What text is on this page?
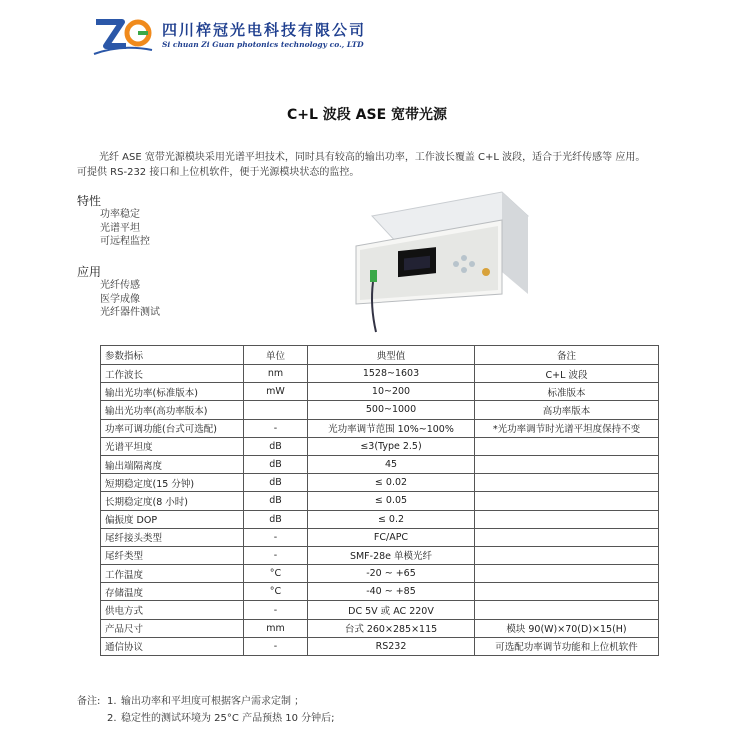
四川梓冠光电科技有限公司
Si chuan Zi Guan photonics technology co., LTD
C+L 波段 ASE 宽带光源
光纤 ASE 宽带光源模块采用光谱平坦技术，同时具有较高的输出功率，工作波长覆盖 C+L 波段，适合于光纤传感等 应用。
可提供 RS-232 接口和上位机软件，便于光源模块状态的监控。
特性
功率稳定
光谱平坦
可远程监控
应用
光纤传感
医学成像
光纤器件测试
参数指标	单位	典型值	备注
工作波长	nm	1528~1603	C+L 波段
输出光功率(标准版本)	mW	10~200	标准版本
输出光功率(高功率版本)		500~1000	高功率版本
功率可调功能(台式可选配)	-	光功率调节范围 10%~100%	*光功率调节时光谱平坦度保持不变
光谱平坦度	dB	≤3(Type 2.5)	
输出端隔离度	dB	45	
短期稳定度(15 分钟)	dB	≤ 0.02	
长期稳定度(8 小时)	dB	≤ 0.05	
偏振度 DOP	dB	≤ 0.2	
尾纤接头类型	-	FC/APC	
尾纤类型	-	SMF-28e 单模光纤	
工作温度	°C	-20 ~ +65	
存储温度	°C	-40 ~ +85	
供电方式	-	DC 5V 或 AC 220V	
产品尺寸	mm	台式 260×285×115	模块 90(W)×70(D)×15(H)
通信协议	-	RS232	可选配功率调节功能和上位机软件
备注: 1. 输出功率和平坦度可根据客户需求定制 ；
2. 稳定性的测试环境为 25°C 产品预热 10 分钟后;
